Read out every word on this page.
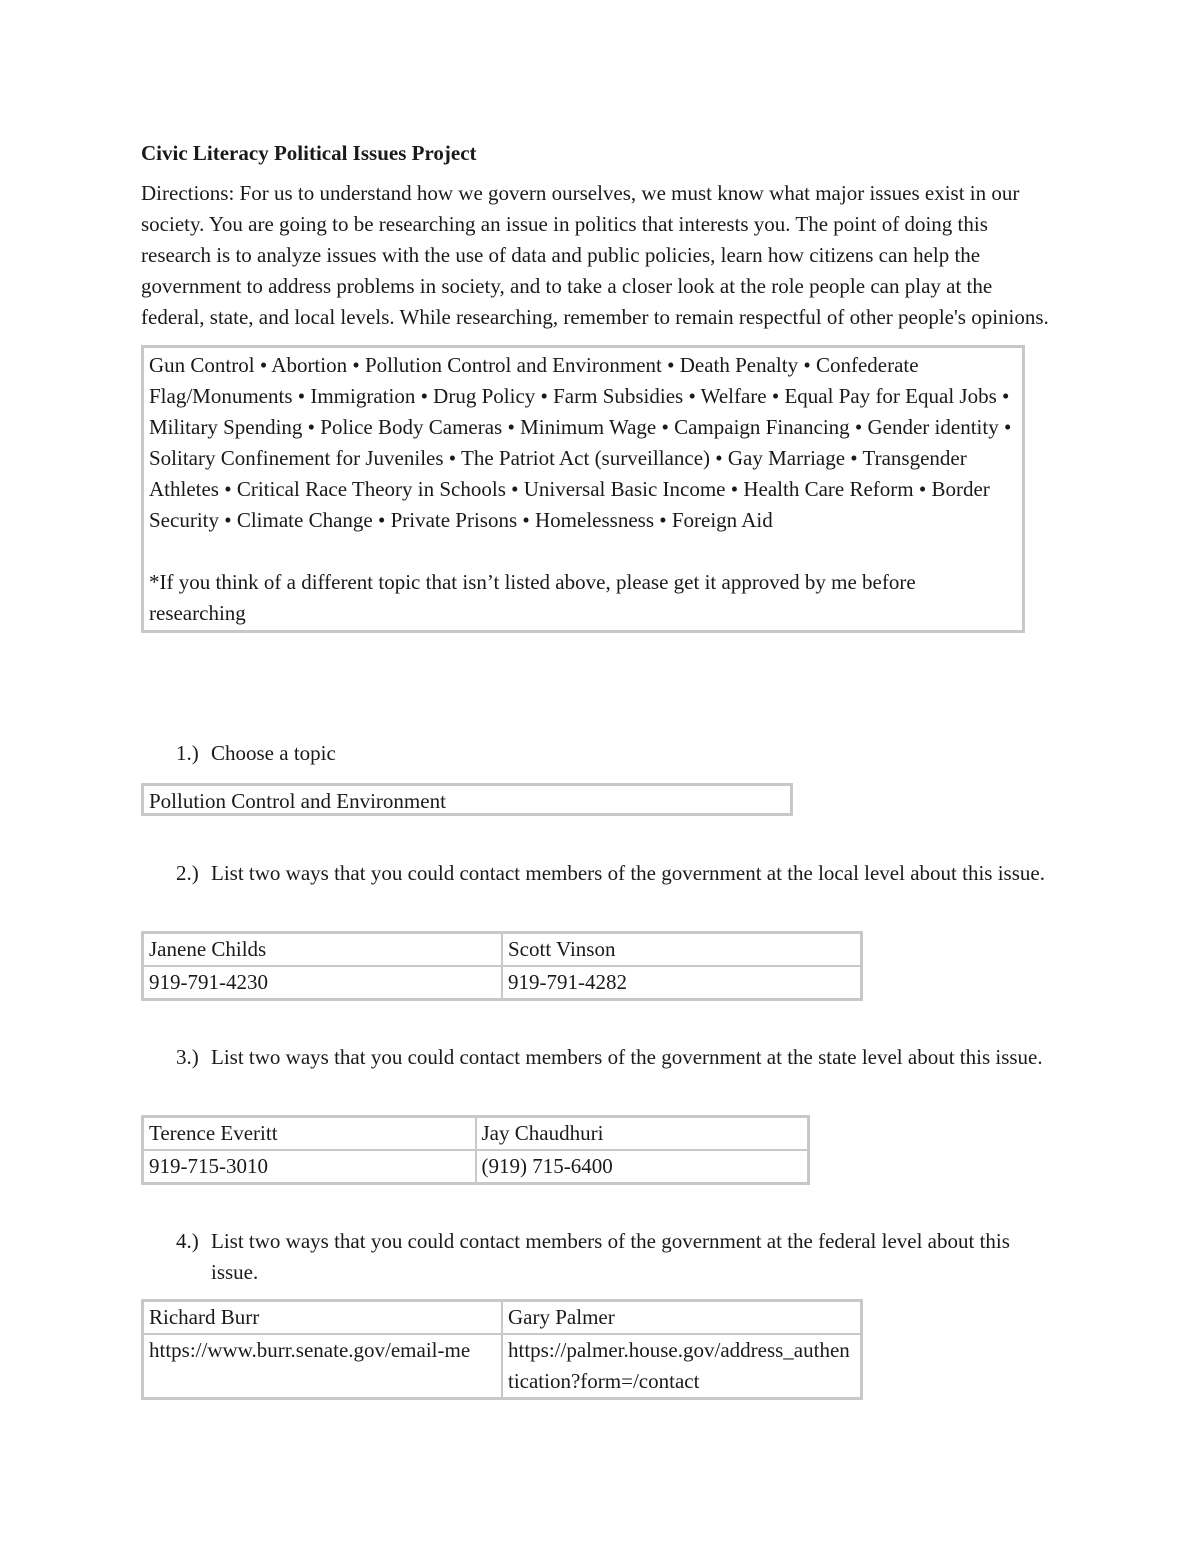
Civic Literacy Political Issues Project

Directions: For us to understand how we govern ourselves, we must know what major issues exist in our society. You are going to be researching an issue in politics that interests you. The point of doing this research is to analyze issues with the use of data and public policies, learn how citizens can help the government to address problems in society, and to take a closer look at the role people can play at the federal, state, and local levels. While researching, remember to remain respectful of other people's opinions.

Gun Control • Abortion • Pollution Control and Environment • Death Penalty • Confederate Flag/Monuments • Immigration • Drug Policy • Farm Subsidies • Welfare • Equal Pay for Equal Jobs • Military Spending • Police Body Cameras • Minimum Wage • Campaign Financing • Gender identity • Solitary Confinement for Juveniles • The Patriot Act (surveillance) • Gay Marriage • Transgender Athletes • Critical Race Theory in Schools • Universal Basic Income • Health Care Reform • Border Security • Climate Change • Private Prisons • Homelessness • Foreign Aid

*If you think of a different topic that isn’t listed above, please get it approved by me before researching

1.) Choose a topic
Pollution Control and Environment
2.) List two ways that you could contact members of the government at the local level about this issue.
Janene Childs	Scott Vinson
919-791-4230	919-791-4282
3.) List two ways that you could contact members of the government at the state level about this issue.
Terence Everitt	Jay Chaudhuri
919-715-3010	(919) 715-6400
4.) List two ways that you could contact members of the government at the federal level about this issue.
Richard Burr	Gary Palmer
https://www.burr.senate.gov/email-me	https://palmer.house.gov/address_authentication?form=/contact
